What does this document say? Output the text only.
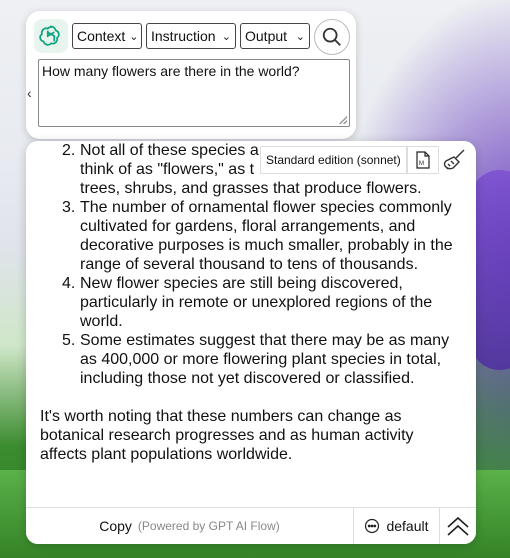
Context ⌄ Instruction ⌄ Output ⌄
‹
How many flowers are there in the world?
2. Not all of these species a
think of as "flowers," as t
trees, shrubs, and grasses that produce flowers.
3. The number of ornamental flower species commonly cultivated for gardens, floral arrangements, and decorative purposes is much smaller, probably in the range of several thousand to tens of thousands.
4. New flower species are still being discovered, particularly in remote or unexplored regions of the world.
5. Some estimates suggest that there may be as many as 400,000 or more flowering plant species in total, including those not yet discovered or classified.

It's worth noting that these numbers can change as botanical research progresses and as human activity affects plant populations worldwide.

Standard edition (sonnet)	M
Copy (Powered by GPT AI Flow)	default
